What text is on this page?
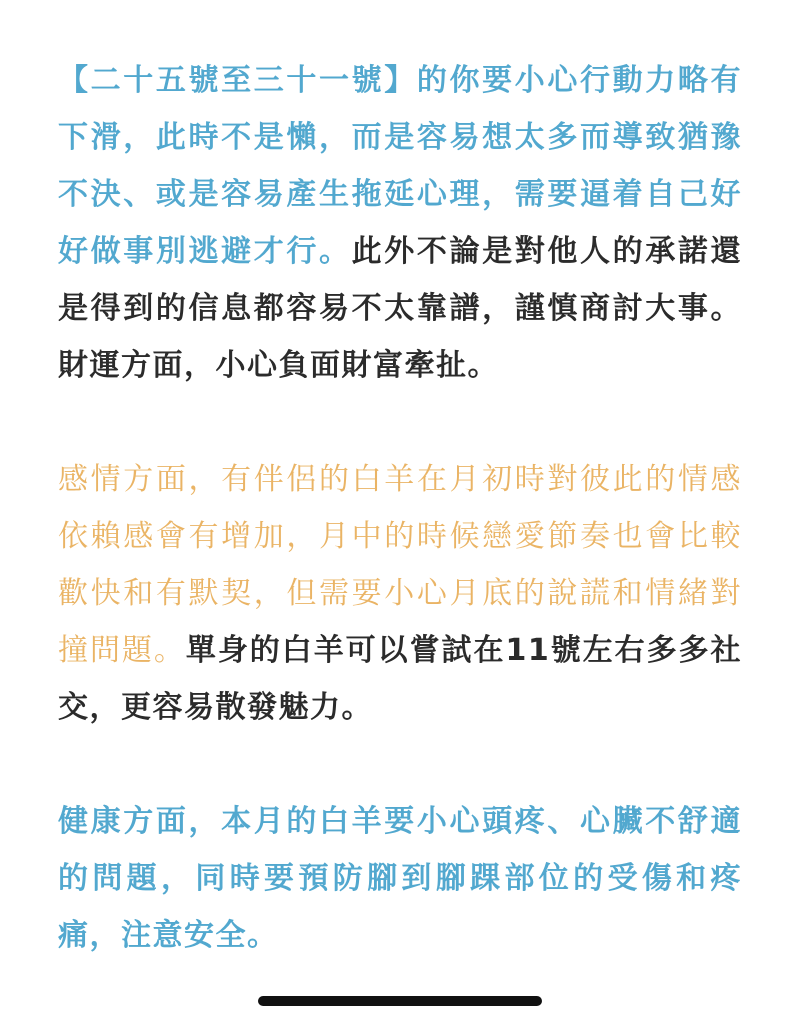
【二十五號至三十一號】的你要小心行動力略有
下滑，此時不是懶，而是容易想太多而導致猶豫
不決、或是容易產生拖延心理，需要逼着自己好
好做事別逃避才行。此外不論是對他人的承諾還
是得到的信息都容易不太靠譜，謹慎商討大事。
財運方面，小心負面財富牽扯。
感情方面，有伴侶的白羊在月初時對彼此的情感
依賴感會有增加，月中的時候戀愛節奏也會比較
歡快和有默契，但需要小心月底的說謊和情緒對
撞問題。單身的白羊可以嘗試在11號左右多多社
交，更容易散發魅力。
健康方面，本月的白羊要小心頭疼、心臟不舒適
的問題，同時要預防腳到腳踝部位的受傷和疼
痛，注意安全。
